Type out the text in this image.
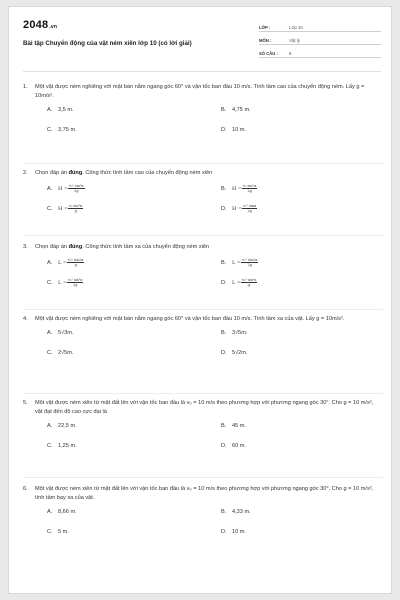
2048.vn
Bài tập Chuyển động của vật ném xiên lớp 10 (có lời giải)
LỚP :	Lớp 10
MÔN :	Vật lý
SỐ CÂU :	6
1. Một vật được ném nghiêng với mặt bàn nằm ngang góc 60° và vận tốc ban đầu 10 m/s. Tính tầm cao của chuyển động ném. Lấy g = 10m/s².
A. 3,5 m.	B. 4,75 m.
C. 3,75 m.	D. 10 m.
2. Chọn đáp án đúng. Công thức tính tầm cao của chuyển động ném xiên
A. $H = \frac{\text{v₀² sin²α}}{2g}$	B. $H = \frac{\text{v₀ sin²α}}{2g}$
C. $H = \frac{\text{v₀ sin²α}}{g}$	D. $H = \frac{\text{v₀² sinα}}{2g}$
3. Chọn đáp án đúng. Công thức tính tầm xa của chuyển động ném xiên
A. $L = \frac{\text{v₀² sin2α}}{g}$	B. $L = \frac{\text{v₀² sin2α}}{2g}$
C. $L = \frac{\text{v₀² sin²α}}{2g}$	D. $L = \frac{\text{v₀² sin²α}}{g}$
4. Một vật được ném nghiêng với mặt bàn nằm ngang góc 60° và vận tốc ban đầu 10 m/s. Tính tầm xa của vật. Lấy g = 10m/s².
A. 5√3m.	B. 3√5m.
C. 2√5m.	D. 5√2m.
5. Một vật được ném xiên từ mặt đất lên với vận tốc ban đầu là v₀ = 10 m/s theo phương hợp với phương ngang góc 30°. Cho g = 10 m/s², vật đạt đến độ cao cực đại là
A. 22,5 m.	B. 45 m.
C. 1,25 m.	D. 60 m.
6. Một vật được ném xiên từ mặt đất lên với vận tốc ban đầu là v₀ = 10 m/s theo phương hợp với phương ngang góc 30°. Cho g = 10 m/s², tính tầm bay xa của vật.
A. 8,66 m.	B. 4,33 m.
C. 5 m.	D. 10 m.
